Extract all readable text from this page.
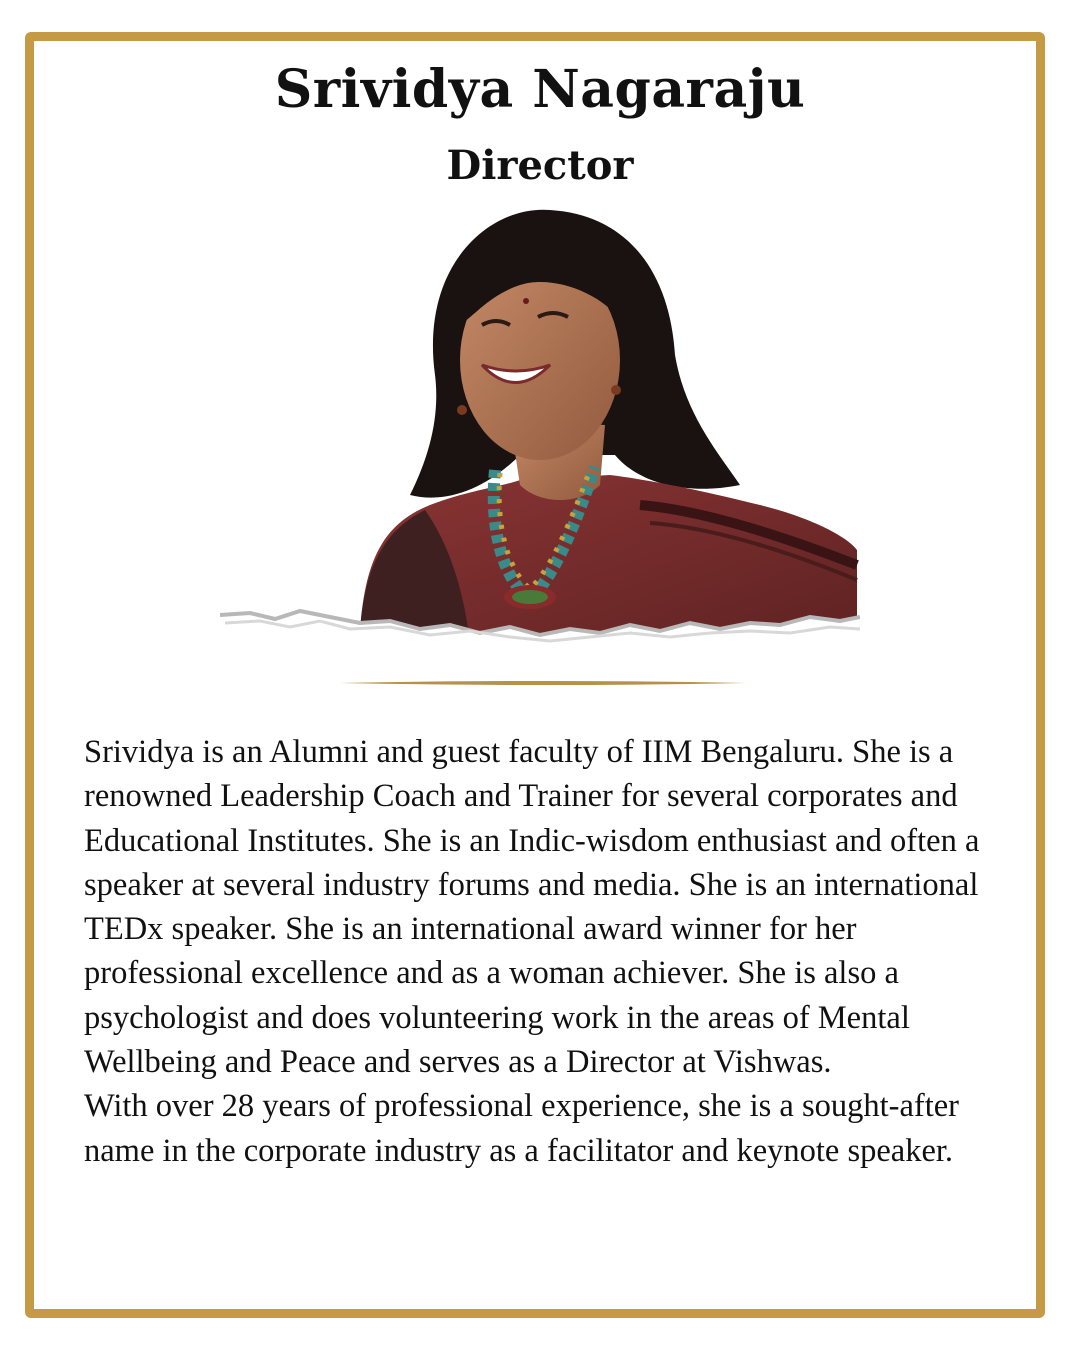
Srividya Nagaraju
Director

Srividya is an Alumni and guest faculty of IIM Bengaluru. She is a renowned Leadership Coach and Trainer for several corporates and Educational Institutes. She is an Indic-wisdom enthusiast and often a speaker at several industry forums and media. She is an international TEDx speaker. She is an international award winner for her professional excellence and as a woman achiever. She is also a psychologist and does volunteering work in the areas of Mental Wellbeing and Peace and serves as a Director at Vishwas.

With over 28 years of professional experience, she is a sought-after name in the corporate industry as a facilitator and keynote speaker.
